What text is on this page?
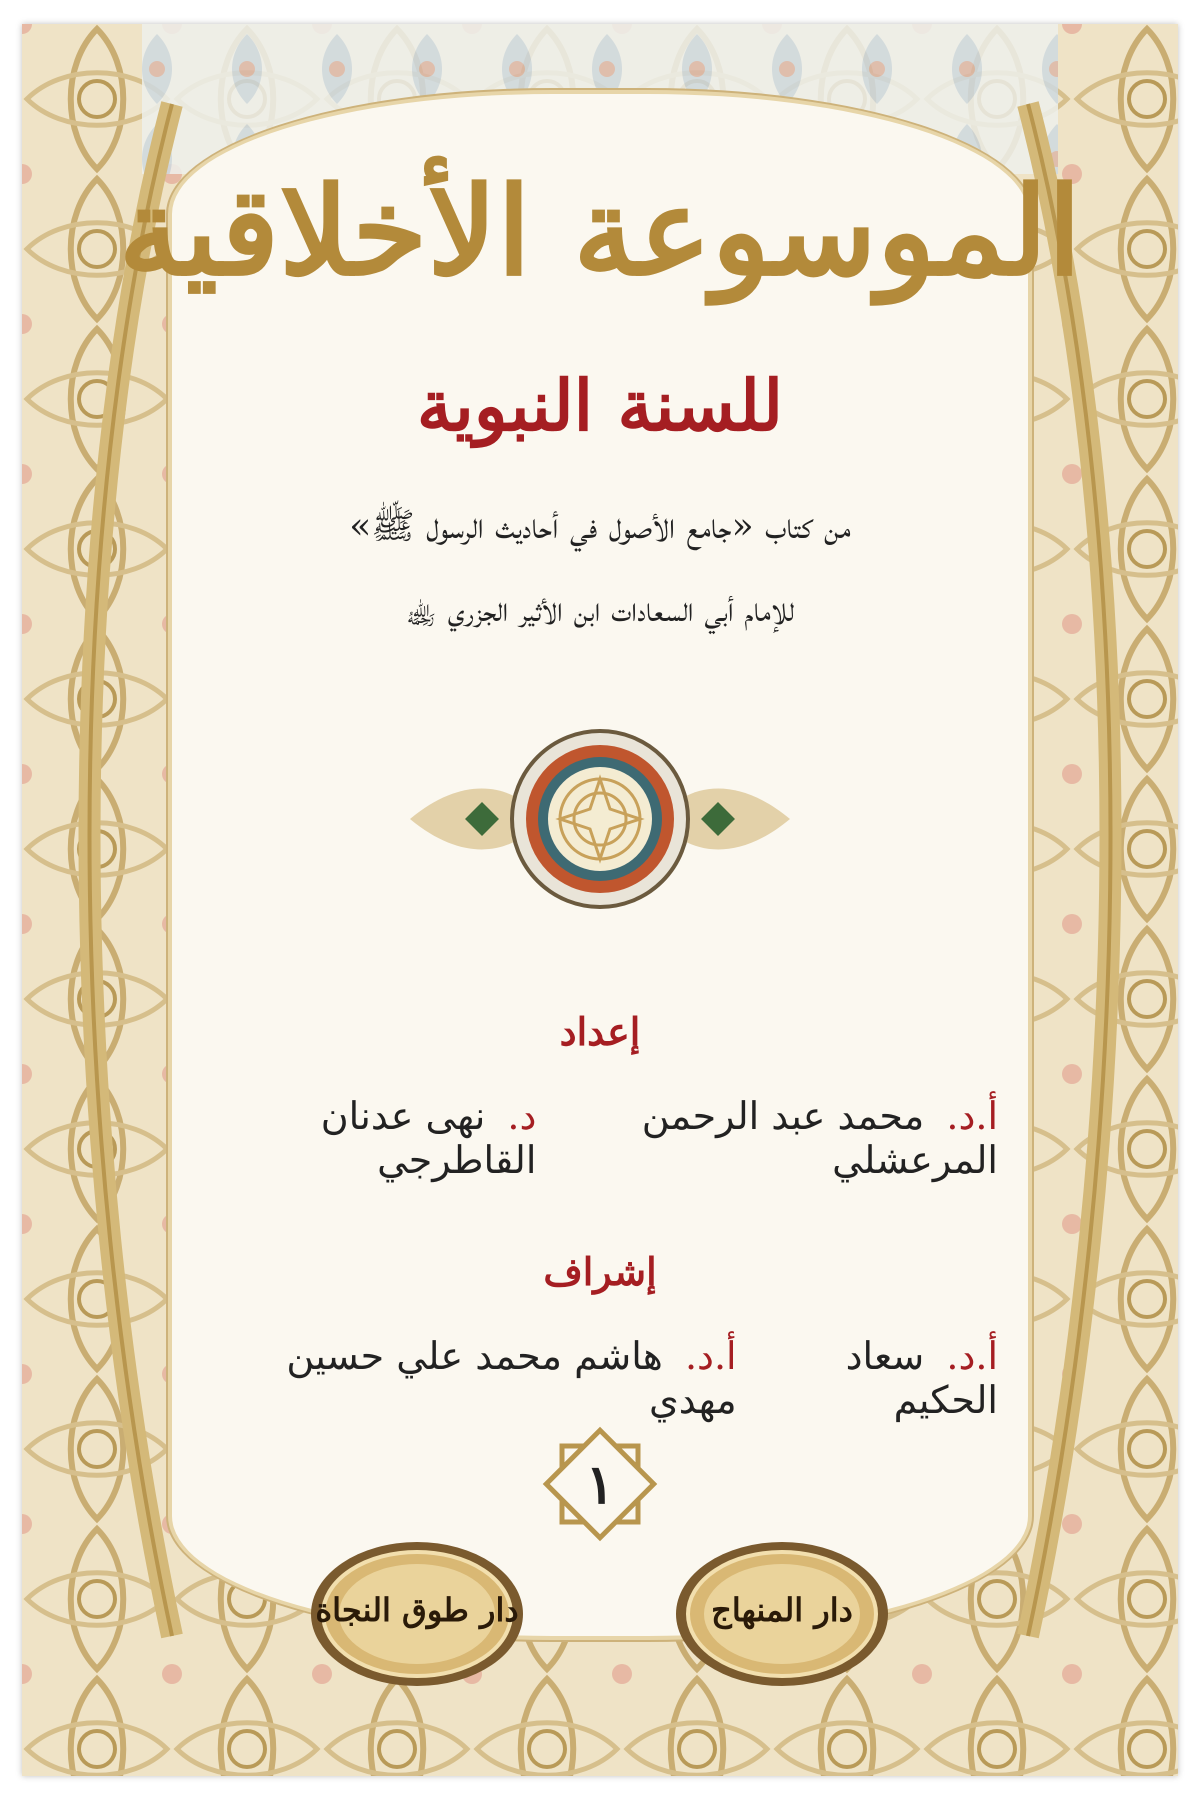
الموسوعة الأخلاقية
للسنة النبوية
من كتاب «جامع الأصول في أحاديث الرسول ﷺ»
للإمام أبي السعادات ابن الأثير الجزري ﵀
إعداد
أ.د. محمد عبد الرحمن المرعشلي
د. نهى عدنان القاطرجي
إشراف
أ.د. سعاد الحكيم
أ.د. هاشم محمد علي حسين مهدي
١
دار المنهاج
دار طوق النجاة
